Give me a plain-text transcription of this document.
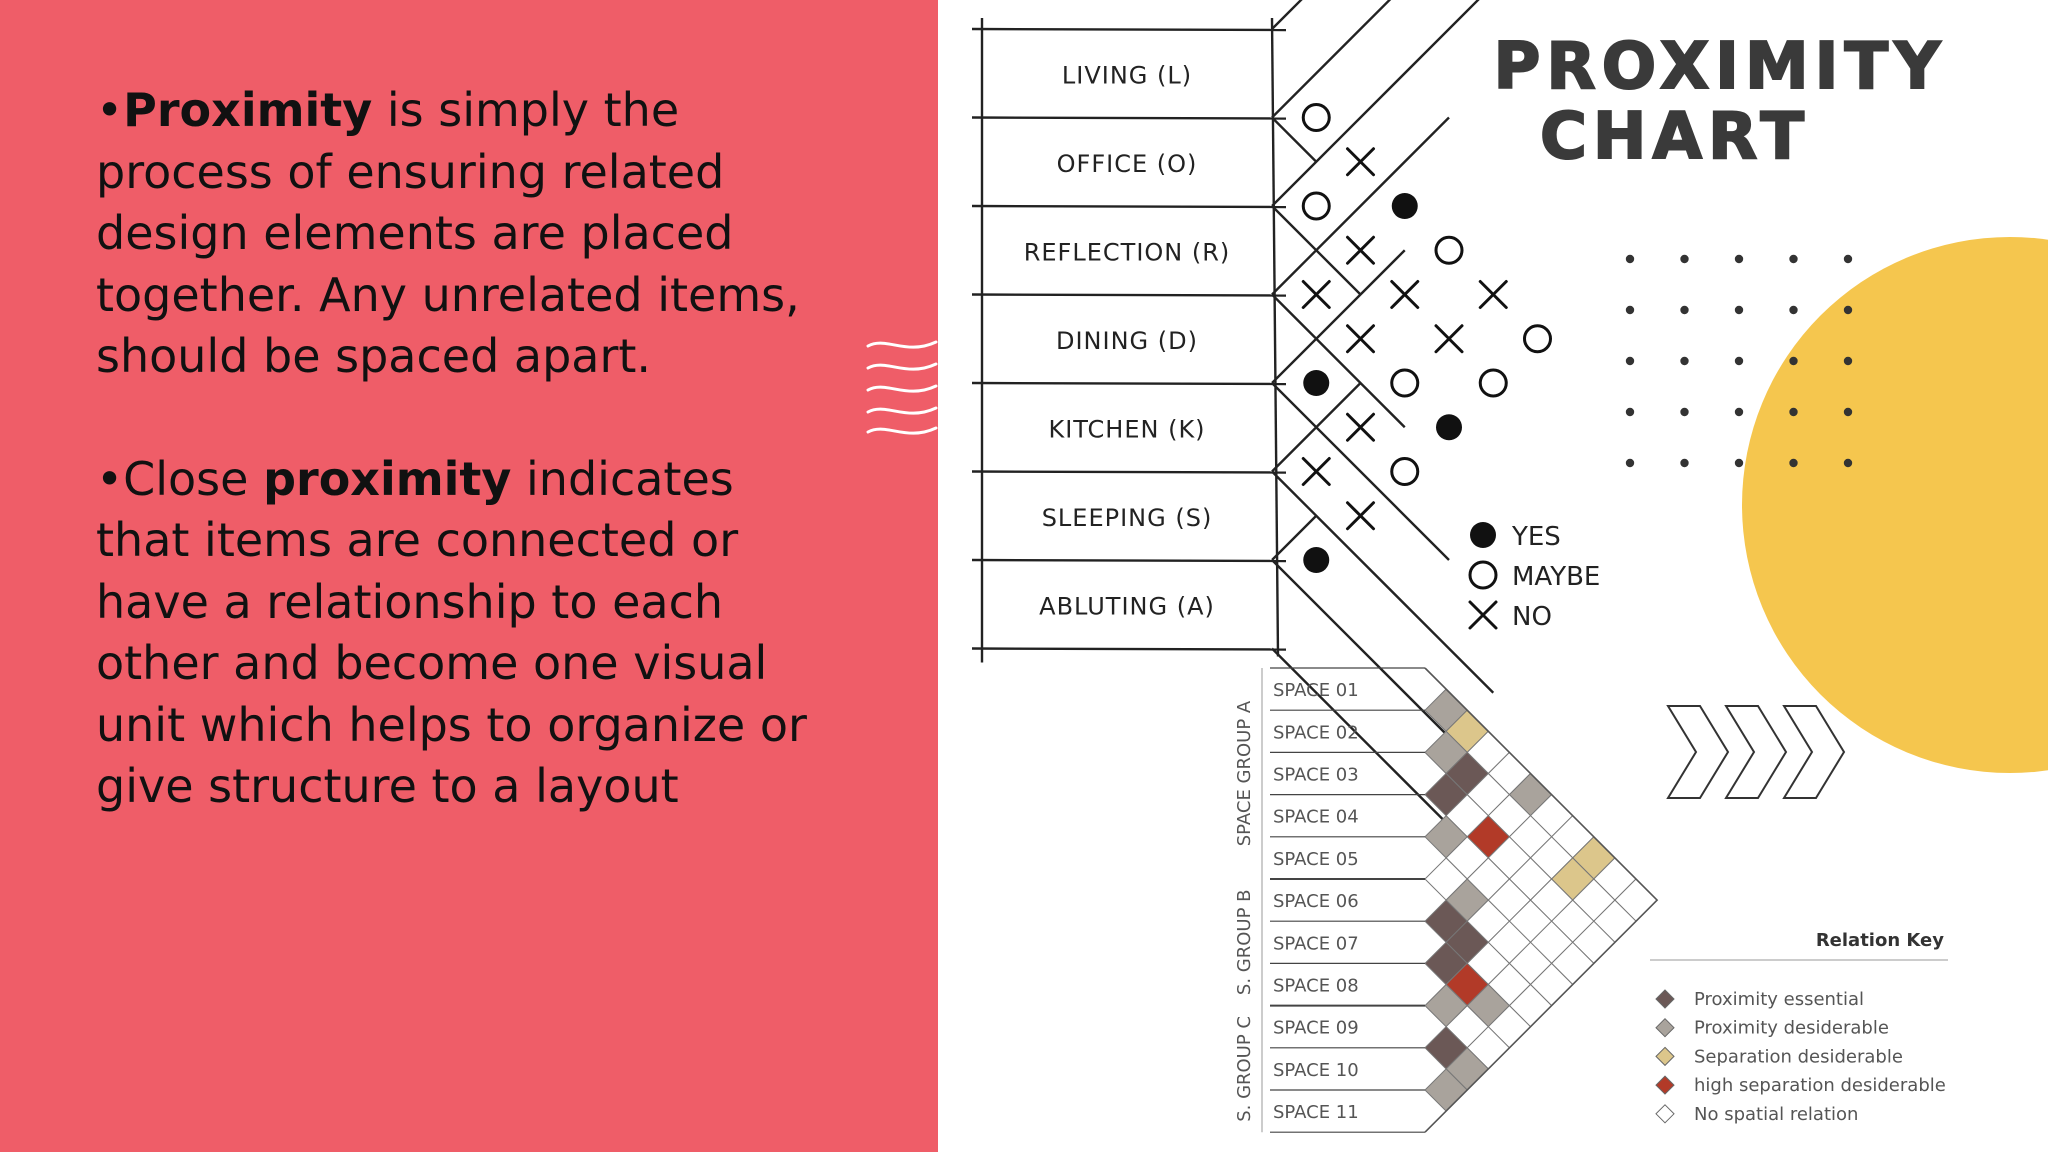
•Proximity is simply the process of ensuring related design elements are placed together. Any unrelated items, should be spaced apart.

•Close proximity indicates that items are connected or have a relationship to each other and become one visual unit which helps to organize or give structure to a layout

PROXIMITY
CHART
LIVING (L)
OFFICE (O)
REFLECTION (R)
DINING (D)
KITCHEN (K)
SLEEPING (S)
ABLUTING (A)
YES
MAYBE
NO
SPACE 01
SPACE 02
SPACE 03
SPACE 04
SPACE 05
SPACE 06
SPACE 07
SPACE 08
SPACE 09
SPACE 10
SPACE 11
SPACE GROUP A
S. GROUP B
S. GROUP C
Relation Key
Proximity essential
Proximity desiderable
Separation desiderable
high separation desiderable
No spatial relation
